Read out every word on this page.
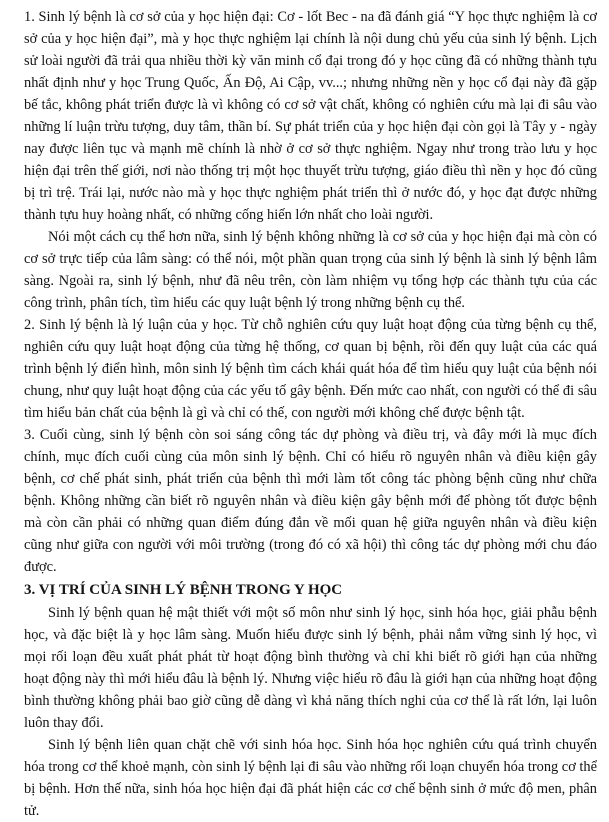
1. Sinh lý bệnh là cơ sở của y học hiện đại: Cơ - lốt Bec - na đã đánh giá “Y học thực nghiệm là cơ sở của y học hiện đại”, mà y học thực nghiệm lại chính là nội dung chủ yếu của sinh lý bệnh. Lịch sử loài người đã trải qua nhiều thời kỳ văn minh cổ đại trong đó y học cũng đã có những thành tựu nhất định như y học Trung Quốc, Ấn Độ, Ai Cập, vv...; nhưng những nền y học cổ đại này đã gặp bế tắc, không phát triển được là vì không có cơ sở vật chất, không có nghiên cứu mà lại đi sâu vào những lí luận trừu tượng, duy tâm, thần bí. Sự phát triển của y học hiện đại còn gọi là Tây y - ngày nay được liên tục và mạnh mẽ chính là nhờ ở cơ sở thực nghiệm. Ngay như trong trào lưu y học hiện đại trên thế giới, nơi nào thống trị một học thuyết trừu tượng, giáo điều thì nền y học đó cũng bị trì trệ. Trái lại, nước nào mà y học thực nghiệm phát triển thì ở nước đó, y học đạt được những thành tựu huy hoàng nhất, có những cống hiến lớn nhất cho loài người.

Nói một cách cụ thể hơn nữa, sinh lý bệnh không những là cơ sở của y học hiện đại mà còn có cơ sở trực tiếp của lâm sàng: có thể nói, một phần quan trọng của sinh lý bệnh là sinh lý bệnh lâm sàng. Ngoài ra, sinh lý bệnh, như đã nêu trên, còn làm nhiệm vụ tổng hợp các thành tựu của các công trình, phân tích, tìm hiểu các quy luật bệnh lý trong những bệnh cụ thể.

2. Sinh lý bệnh là lý luận của y học. Từ chỗ nghiên cứu quy luật hoạt động của từng bệnh cụ thể, nghiên cứu quy luật hoạt động của từng hệ thống, cơ quan bị bệnh, rồi đến quy luật của các quá trình bệnh lý điển hình, môn sinh lý bệnh tìm cách khái quát hóa để tìm hiểu quy luật của bệnh nói chung, như quy luật hoạt động của các yếu tố gây bệnh. Đến mức cao nhất, con người có thể đi sâu tìm hiểu bản chất của bệnh là gì và chỉ có thế, con người mới không chế được bệnh tật.

3. Cuối cùng, sinh lý bệnh còn soi sáng công tác dự phòng và điều trị, và đây mới là mục đích chính, mục đích cuối cùng của môn sinh lý bệnh. Chỉ có hiểu rõ nguyên nhân và điều kiện gây bệnh, cơ chế phát sinh, phát triển của bệnh thì mới làm tốt công tác phòng bệnh cũng như chữa bệnh. Không những cần biết rõ nguyên nhân và điều kiện gây bệnh mới để phòng tốt được bệnh mà còn cần phải có những quan điểm đúng đắn về mối quan hệ giữa nguyên nhân và điều kiện cũng như giữa con người với môi trường (trong đó có xã hội) thì công tác dự phòng mới chu đáo được.

3. VỊ TRÍ CỦA SINH LÝ BỆNH TRONG Y HỌC

Sinh lý bệnh quan hệ mật thiết với một số môn như sinh lý học, sinh hóa học, giải phẫu bệnh học, và đặc biệt là y học lâm sàng. Muốn hiểu được sinh lý bệnh, phải nắm vững sinh lý học, vì mọi rối loạn đều xuất phát phát từ hoạt động bình thường và chỉ khi biết rõ giới hạn của những hoạt động này thì mới hiểu đâu là bệnh lý. Nhưng việc hiểu rõ đâu là giới hạn của những hoạt động bình thường không phải bao giờ cũng dễ dàng vì khả năng thích nghi của cơ thể là rất lớn, lại luôn luôn thay đổi.

Sinh lý bệnh liên quan chặt chẽ với sinh hóa học. Sinh hóa học nghiên cứu quá trình chuyển hóa trong cơ thể khoẻ mạnh, còn sinh lý bệnh lại đi sâu vào những rối loạn chuyển hóa trong cơ thể bị bệnh. Hơn thế nữa, sinh hóa học hiện đại đã phát hiện các cơ chế bệnh sinh ở mức độ men, phân tử.
